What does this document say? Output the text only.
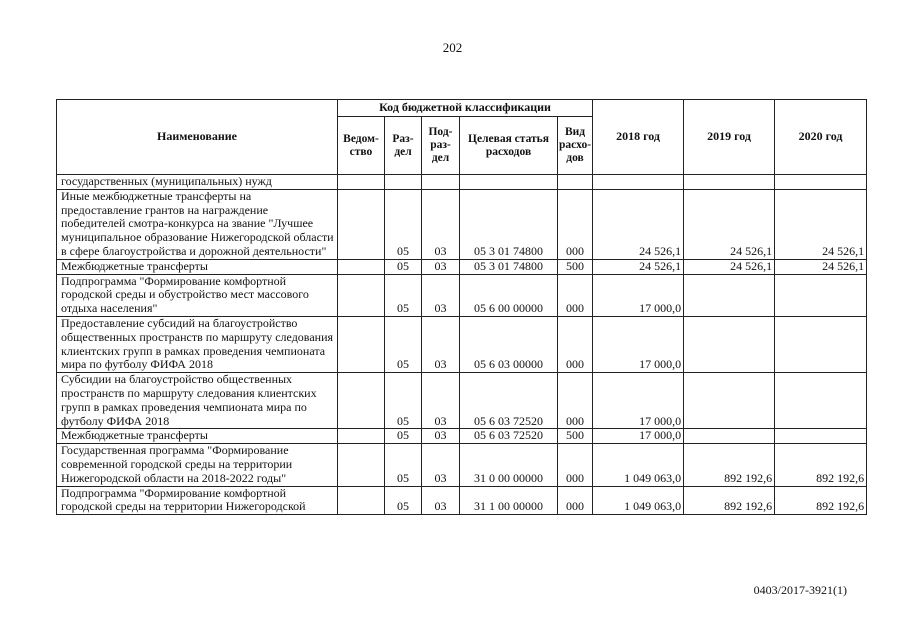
202
Наименование	Код бюджетной классификации					2018 год	2019 год	2020 год
	Ведом-ство	Раз-дел	Под-раз-дел	Целевая статья расходов	Вид расхо-дов			
государственных (муниципальных) нужд								
Иные межбюджетные трансферты на предоставление грантов на награждение победителей смотра-конкурса на звание "Лучшее муниципальное образование Нижегородской области в сфере благоустройства и дорожной деятельности"		05	03	05 3 01 74800	000	24 526,1	24 526,1	24 526,1
Межбюджетные трансферты		05	03	05 3 01 74800	500	24 526,1	24 526,1	24 526,1
Подпрограмма "Формирование комфортной городской среды и обустройство мест массового отдыха населения"		05	03	05 6 00 00000	000	17 000,0		
Предоставление субсидий на благоустройство общественных пространств по маршруту следования клиентских групп в рамках проведения чемпионата мира по футболу ФИФА 2018		05	03	05 6 03 00000	000	17 000,0		
Субсидии на благоустройство общественных пространств по маршруту следования клиентских групп в рамках проведения чемпионата мира по футболу ФИФА 2018		05	03	05 6 03 72520	000	17 000,0		
Межбюджетные трансферты		05	03	05 6 03 72520	500	17 000,0		
Государственная программа "Формирование современной городской среды на территории Нижегородской области на 2018-2022 годы"		05	03	31 0 00 00000	000	1 049 063,0	892 192,6	892 192,6
Подпрограмма "Формирование комфортной городской среды на территории Нижегородской		05	03	31 1 00 00000	000	1 049 063,0	892 192,6	892 192,6
0403/2017-3921(1)
